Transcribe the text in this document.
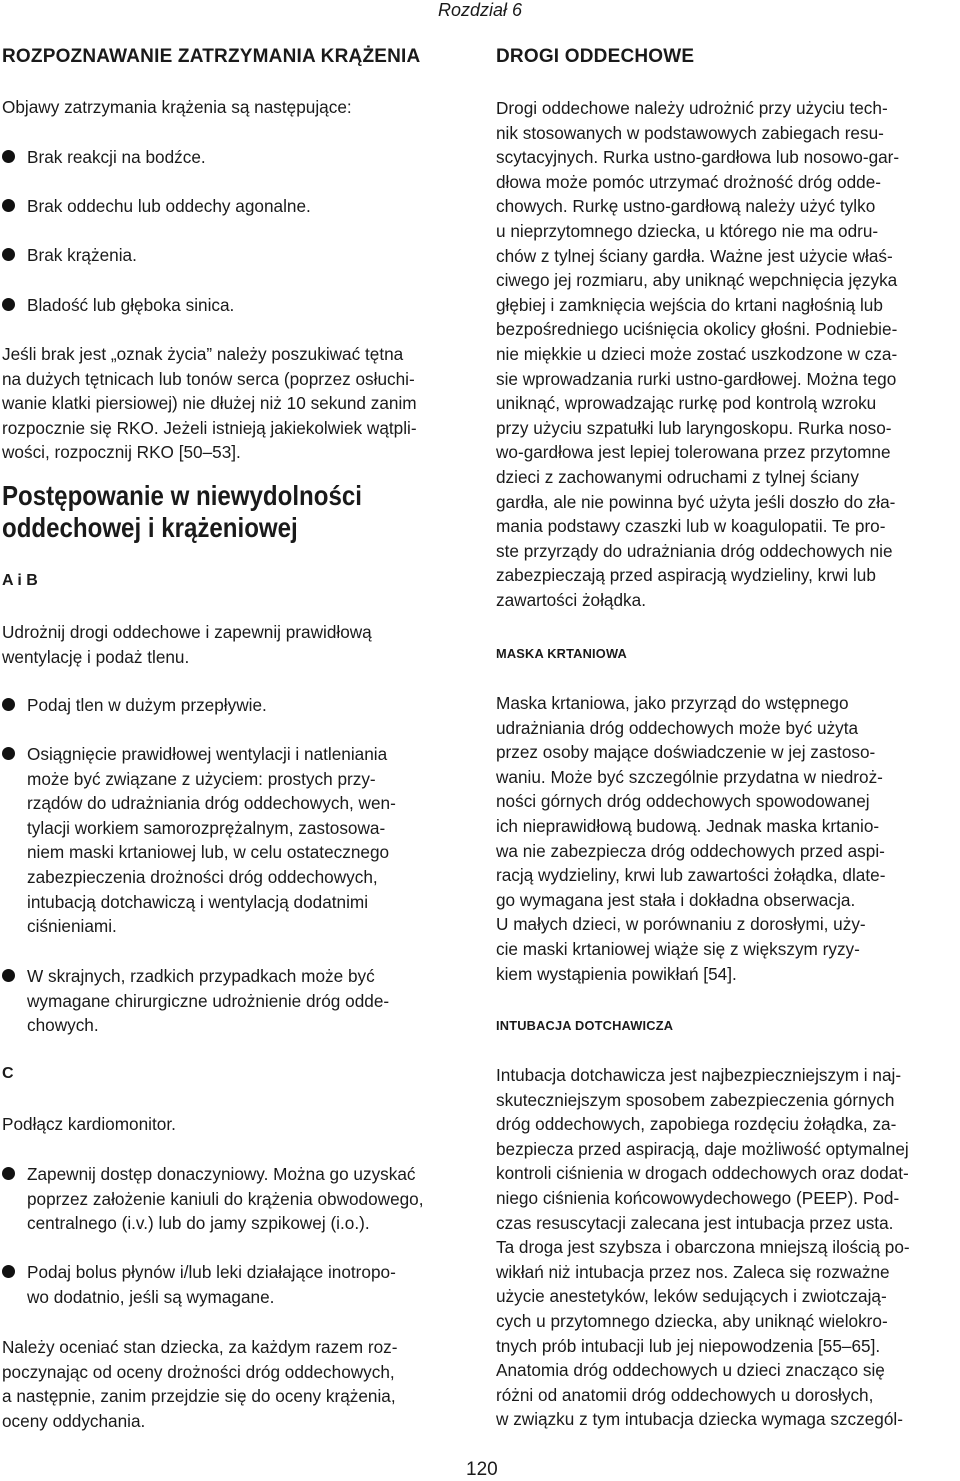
Rozdział 6
ROZPOZNAWANIE ZATRZYMANIA KRĄŻENIA
Objawy zatrzymania krążenia są następujące:
Brak reakcji na bodźce.
Brak oddechu lub oddechy agonalne.
Brak krążenia.
Bladość lub głęboka sinica.
Jeśli brak jest „oznak życia” należy poszukiwać tętna
na dużych tętnicach lub tonów serca (poprzez osłuchi-
wanie klatki piersiowej) nie dłużej niż 10 sekund zanim
rozpocznie się RKO. Jeżeli istnieją jakiekolwiek wątpli-
wości, rozpocznij RKO [50–53].
Postępowanie w niewydolności
oddechowej i krążeniowej
A i B
Udrożnij drogi oddechowe i zapewnij prawidłową
wentylację i podaż tlenu.
Podaj tlen w dużym przepływie.
Osiągnięcie prawidłowej wentylacji i natleniania
może być związane z użyciem: prostych przy-
rządów do udrażniania dróg oddechowych, wen-
tylacji workiem samorozprężalnym, zastosowa-
niem maski krtaniowej lub, w celu ostatecznego
zabezpieczenia drożności dróg oddechowych,
intubacją dotchawiczą i wentylacją dodatnimi
ciśnieniami.
W skrajnych, rzadkich przypadkach może być
wymagane chirurgiczne udrożnienie dróg odde-
chowych.
C
Podłącz kardiomonitor.
Zapewnij dostęp donaczyniowy. Można go uzyskać
poprzez założenie kaniuli do krążenia obwodowego,
centralnego (i.v.) lub do jamy szpikowej (i.o.).
Podaj bolus płynów i/lub leki działające inotropo-
wo dodatnio, jeśli są wymagane.
Należy oceniać stan dziecka, za każdym razem roz-
poczynając od oceny drożności dróg oddechowych,
a następnie, zanim przejdzie się do oceny krążenia,
oceny oddychania.
DROGI ODDECHOWE
Drogi oddechowe należy udrożnić przy użyciu tech-
nik stosowanych w podstawowych zabiegach resu-
scytacyjnych. Rurka ustno-gardłowa lub nosowo-gar-
dłowa może pomóc utrzymać drożność dróg odde-
chowych. Rurkę ustno-gardłową należy użyć tylko
u nieprzytomnego dziecka, u którego nie ma odru-
chów z tylnej ściany gardła. Ważne jest użycie właś-
ciwego jej rozmiaru, aby uniknąć wepchnięcia języka
głębiej i zamknięcia wejścia do krtani nagłośnią lub
bezpośredniego uciśnięcia okolicy głośni. Podniebie-
nie miękkie u dzieci może zostać uszkodzone w cza-
sie wprowadzania rurki ustno-gardłowej. Można tego
uniknąć, wprowadzając rurkę pod kontrolą wzroku
przy użyciu szpatułki lub laryngoskopu. Rurka noso-
wo-gardłowa jest lepiej tolerowana przez przytomne
dzieci z zachowanymi odruchami z tylnej ściany
gardła, ale nie powinna być użyta jeśli doszło do zła-
mania podstawy czaszki lub w koagulopatii. Te pro-
ste przyrządy do udrażniania dróg oddechowych nie
zabezpieczają przed aspiracją wydzieliny, krwi lub
zawartości żołądka.
MASKA KRTANIOWA
Maska krtaniowa, jako przyrząd do wstępnego
udrażniania dróg oddechowych może być użyta
przez osoby mające doświadczenie w jej zastoso-
waniu. Może być szczególnie przydatna w niedroż-
ności górnych dróg oddechowych spowodowanej
ich nieprawidłową budową. Jednak maska krtanio-
wa nie zabezpiecza dróg oddechowych przed aspi-
racją wydzieliny, krwi lub zawartości żołądka, dlate-
go wymagana jest stała i dokładna obserwacja.
U małych dzieci, w porównaniu z dorosłymi, uży-
cie maski krtaniowej wiąże się z większym ryzy-
kiem wystąpienia powikłań [54].
INTUBACJA DOTCHAWICZA
Intubacja dotchawicza jest najbezpieczniejszym i naj-
skuteczniejszym sposobem zabezpieczenia górnych
dróg oddechowych, zapobiega rozdęciu żołądka, za-
bezpiecza przed aspiracją, daje możliwość optymalnej
kontroli ciśnienia w drogach oddechowych oraz dodat-
niego ciśnienia końcowowydechowego (PEEP). Pod-
czas resuscytacji zalecana jest intubacja przez usta.
Ta droga jest szybsza i obarczona mniejszą ilością po-
wikłań niż intubacja przez nos. Zaleca się rozważne
użycie anestetyków, leków sedujących i zwiotczają-
cych u przytomnego dziecka, aby uniknąć wielokro-
tnych prób intubacji lub jej niepowodzenia [55–65].
Anatomia dróg oddechowych u dzieci znacząco się
różni od anatomii dróg oddechowych u dorosłych,
w związku z tym intubacja dziecka wymaga szczegól-
120
